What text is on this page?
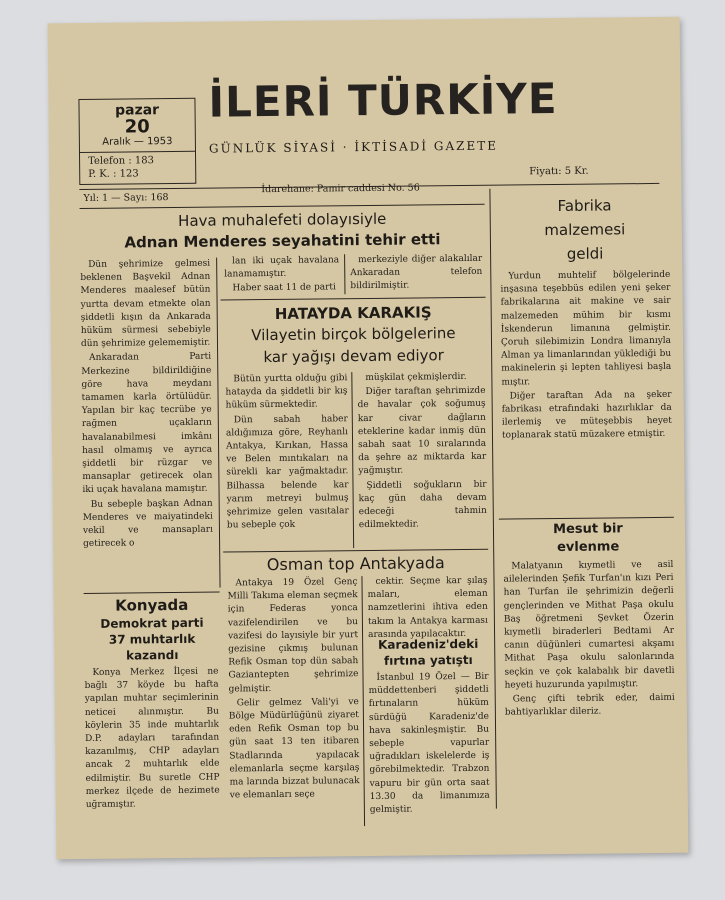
pazar
20
Aralık — 1953
Telefon : 183
P. K. : 123
İLERİ TÜRKİYE
GÜNLÜK SİYASİ · İKTİSADİ GAZETE
Fiyatı: 5 Kr.
Yıl: 1 — Sayı: 168
İdarehane: Pamir caddesi No. 56
Hava muhalefeti dolayısiyle
Adnan Menderes seyahatini tehir etti

Dün şehrimize gelmesi beklenen Başvekil Adnan Menderes maalesef bütün yurtta devam etmekte olan şiddetli kışın da Ankarada hüküm sürmesi sebebiyle dün şehrimize gelememiştir.

Ankaradan Parti Merkezine bildirildiğine göre hava meydanı tamamen karla örtülüdür. Yapılan bir kaç tecrübe ye rağmen uçakların havalanabilmesi imkânı hasıl olmamış ve ayrıca şiddetli bir rüzgar ve mansaplar getirecek olan iki uçak havalana mamıştır.

Bu sebeple başkan Adnan Menderes ve maiyatindeki vekil ve mansapları getirecek o

lan iki uçak havalana lanamamıştır.

Haber saat 11 de parti

merkeziyle diğer alakalılar Ankaradan telefon bildirilmiştir.

HATAYDA KARAKIŞ
Vilayetin birçok bölgelerine
kar yağışı devam ediyor

Bütün yurtta olduğu gibi hatayda da şiddetli bir kış hüküm sürmektedir.

Dün sabah haber aldığımıza göre, Reyhanlı Antakya, Kırıkan, Hassa ve Belen mıntıkaları na sürekli kar yağmaktadır. Bilhassa belende kar yarım metreyi bulmuş şehrimize gelen vasıtalar bu sebeple çok

müşkilat çekmişlerdir.

Diğer taraftan şehrimizde de havalar çok soğumuş kar civar dağların eteklerine kadar inmiş dün sabah saat 10 sıralarında da şehre az miktarda kar yağmıştır.

Şiddetli soğukların bir kaç gün daha devam edeceği tahmin edilmektedir.

Osman top Antakyada

Antakya 19 Özel Genç Milli Takıma eleman seçmek için Federas yonca vazifelendirilen ve bu vazifesi do layısiyle bir yurt gezisine çıkmış bulunan Refik Osman top dün sabah Gaziantepten şehrimize gelmiştir.

Gelir gelmez Vali'yi ve Bölge Müdürlüğünü ziyaret eden Refik Osman top bu gün saat 13 ten itibaren Stadlarında yapılacak elemanlarla seçme karşılaş ma larında bizzat bulunacak ve elemanları seçe

cektir. Seçme kar şılaş maları, eleman namzetlerini ihtiva eden takım la Antakya karması arasında yapılacaktır.

Karadeniz'deki
fırtına yatıştı

İstanbul 19 Özel — Bir müddettenberi şiddetli fırtınaların hüküm sürdüğü Karadeniz'de hava sakinleşmiştir. Bu sebeple vapurlar uğradıkları iskelelerde iş görebilmektedir. Trabzon vapuru bir gün orta saat 13.30 da limanımıza gelmiştir.

Konyada
Demokrat parti
37 muhtarlık
kazandı

Konya Merkez İlçesi ne bağlı 37 köyde bu hafta yapılan muhtar seçimlerinin neticei alınmıştır. Bu köylerin 35 inde muhtarlık D.P. adayları tarafından kazanılmış, CHP adayları ancak 2 muhtarlık elde edilmiştir. Bu suretle CHP merkez ilçede de hezimete uğramıştır.

Fabrika
malzemesi
geldi

Yurdun muhtelif bölgelerinde inşasına teşebbüs edilen yeni şeker fabrikalarına ait makine ve sair malzemeden mühim bir kısmı İskenderun limanına gelmiştir. Çoruh silebimizin Londra limanıyla Alman ya limanlarından yüklediği bu makinelerin şi lepten tahliyesi başla mıştır.

Diğer taraftan Ada na şeker fabrikası etrafındaki hazırlıklar da ilerlemiş ve müteşebbis heyet toplanarak statü müzakere etmiştir.

Mesut bir
evlenme

Malatyanın kıymetli ve asil ailelerinden Şefik Turfan'ın kızı Peri han Turfan ile şehrimizin değerli gençlerinden ve Mithat Paşa okulu Baş öğretmeni Şevket Özerin kıymetli biraderleri Bedtami Ar canın düğünleri cumartesi akşamı Mithat Paşa okulu salonlarında seçkin ve çok kalabalık bir davetli heyeti huzurunda yapılmıştır.

Genç çifti tebrik eder, daimi bahtiyarlıklar dileriz.
